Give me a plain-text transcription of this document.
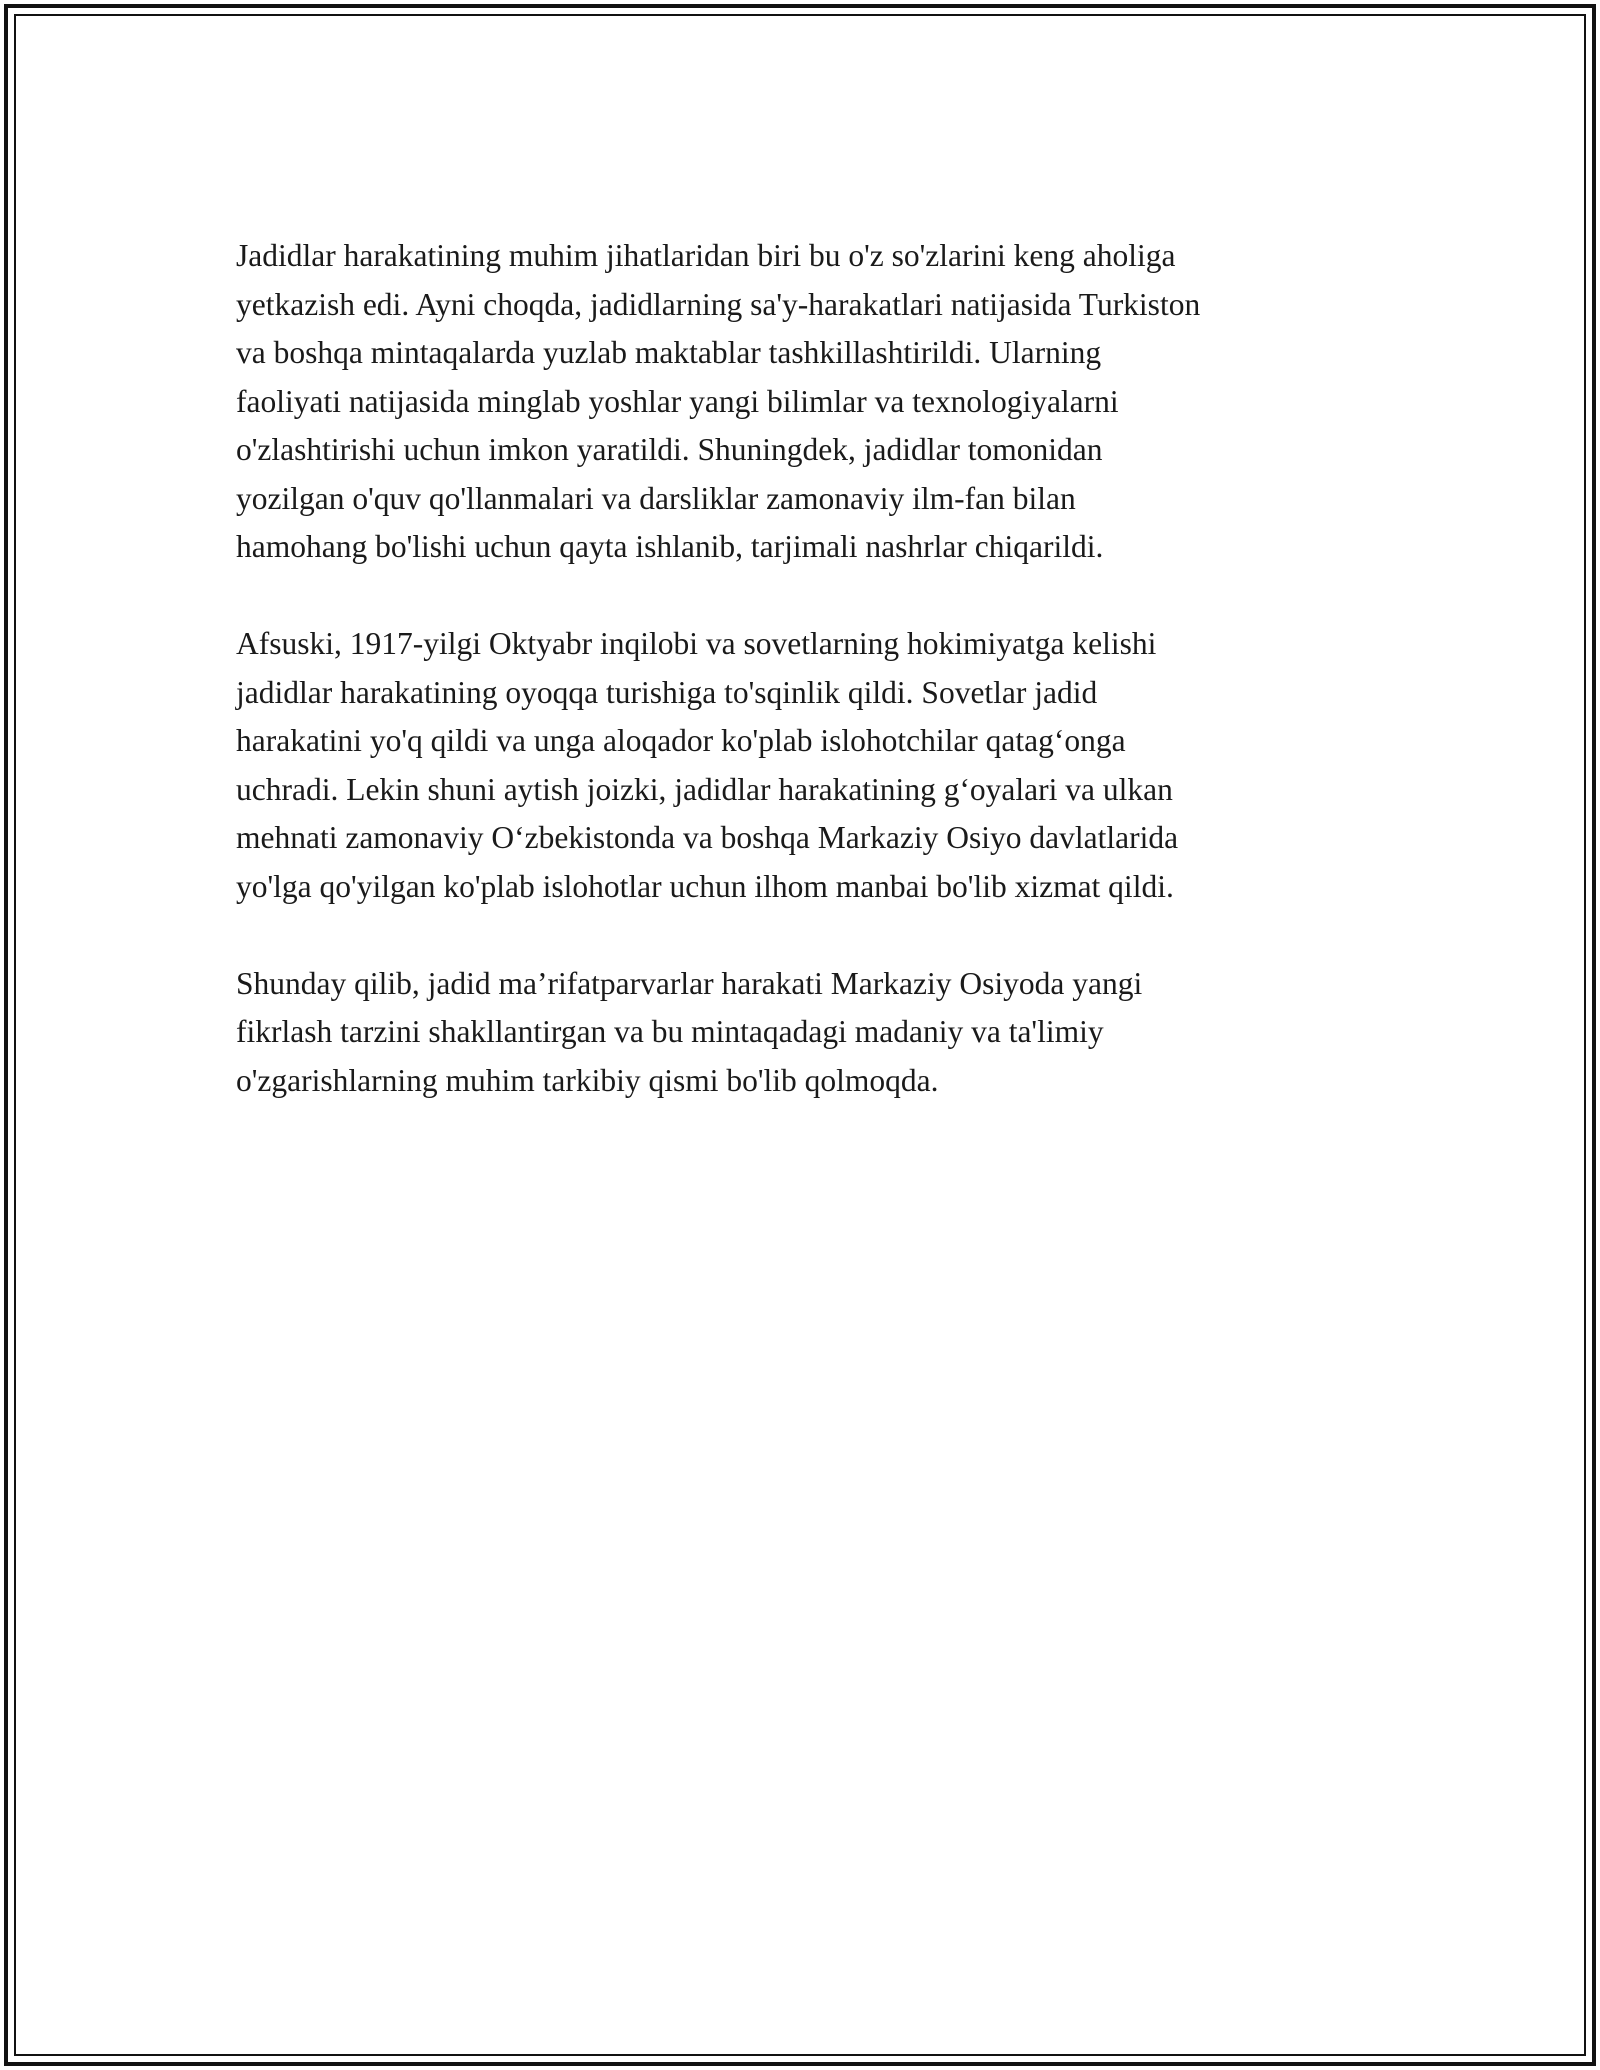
Jadidlar harakatining muhim jihatlaridan biri bu o'z so'zlarini keng aholiga
yetkazish edi. Ayni choqda, jadidlarning sa'y-harakatlari natijasida Turkiston
va boshqa mintaqalarda yuzlab maktablar tashkillashtirildi. Ularning
faoliyati natijasida minglab yoshlar yangi bilimlar va texnologiyalarni
o'zlashtirishi uchun imkon yaratildi. Shuningdek, jadidlar tomonidan
yozilgan o'quv qo'llanmalari va darsliklar zamonaviy ilm-fan bilan
hamohang bo'lishi uchun qayta ishlanib, tarjimali nashrlar chiqarildi.

Afsuski, 1917-yilgi Oktyabr inqilobi va sovetlarning hokimiyatga kelishi
jadidlar harakatining oyoqqa turishiga to'sqinlik qildi. Sovetlar jadid
harakatini yo'q qildi va unga aloqador ko'plab islohotchilar qatag‘onga
uchradi. Lekin shuni aytish joizki, jadidlar harakatining g‘oyalari va ulkan
mehnati zamonaviy O‘zbekistonda va boshqa Markaziy Osiyo davlatlarida
yo'lga qo'yilgan ko'plab islohotlar uchun ilhom manbai bo'lib xizmat qildi.

Shunday qilib, jadid ma’rifatparvarlar harakati Markaziy Osiyoda yangi
fikrlash tarzini shakllantirgan va bu mintaqadagi madaniy va ta'limiy
o'zgarishlarning muhim tarkibiy qismi bo'lib qolmoqda.
